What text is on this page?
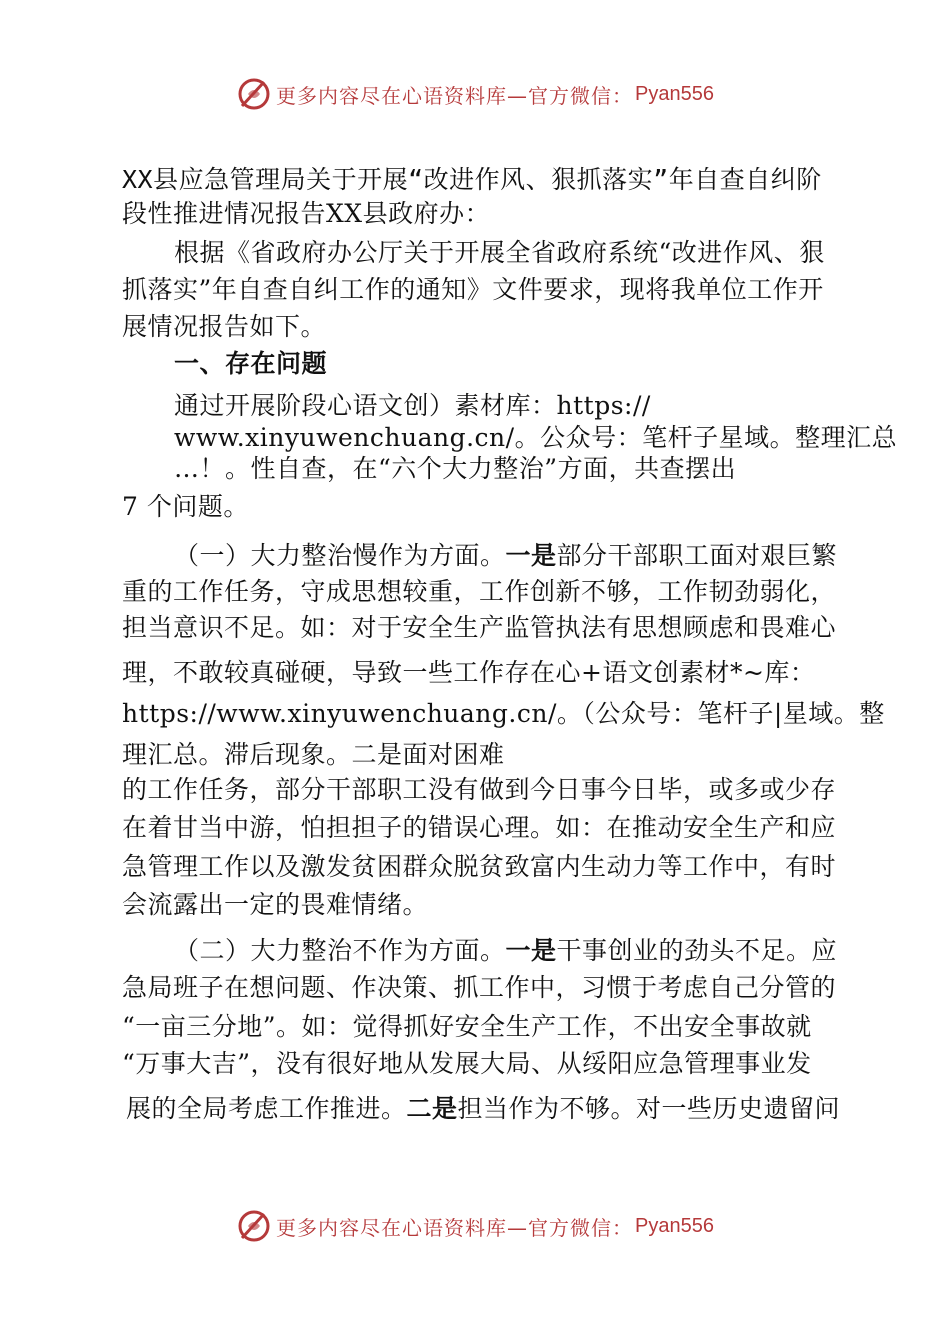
更多内容尽在心语资料库—官方微信： Pyan556
XX县应急管理局关于开展“改进作风、狠抓落实”年自查自纠阶
段性推进情况报告XX县政府办：
根据《省政府办公厅关于开展全省政府系统“改进作风、狠
抓落实”年自查自纠工作的通知》文件要求，现将我单位工作开
展情况报告如下。
一、存在问题
通过开展阶段心语文创）素材库：https://
www.xinyuwenchuang.cn/。公众号：笔杆子星域。整理汇总
…！。性自查，在“六个大力整治”方面，共查摆出
7 个问题。
（一）大力整治慢作为方面。一是部分干部职工面对艰巨繁
重的工作任务，守成思想较重，工作创新不够，工作韧劲弱化，
担当意识不足。如：对于安全生产监管执法有思想顾虑和畏难心
理，不敢较真碰硬，导致一些工作存在心+语文创素材*~库：
https://www.xinyuwenchuang.cn/。（公众号：笔杆子|星域。整
理汇总。滞后现象。二是面对困难
的工作任务，部分干部职工没有做到今日事今日毕，或多或少存
在着甘当中游，怕担担子的错误心理。如：在推动安全生产和应
急管理工作以及激发贫困群众脱贫致富内生动力等工作中，有时
会流露出一定的畏难情绪。
（二）大力整治不作为方面。一是干事创业的劲头不足。应
急局班子在想问题、作决策、抓工作中，习惯于考虑自己分管的
“一亩三分地”。如：觉得抓好安全生产工作，不出安全事故就
“万事大吉”，没有很好地从发展大局、从绥阳应急管理事业发
展的全局考虑工作推进。二是担当作为不够。对一些历史遗留问
更多内容尽在心语资料库—官方微信： Pyan556
